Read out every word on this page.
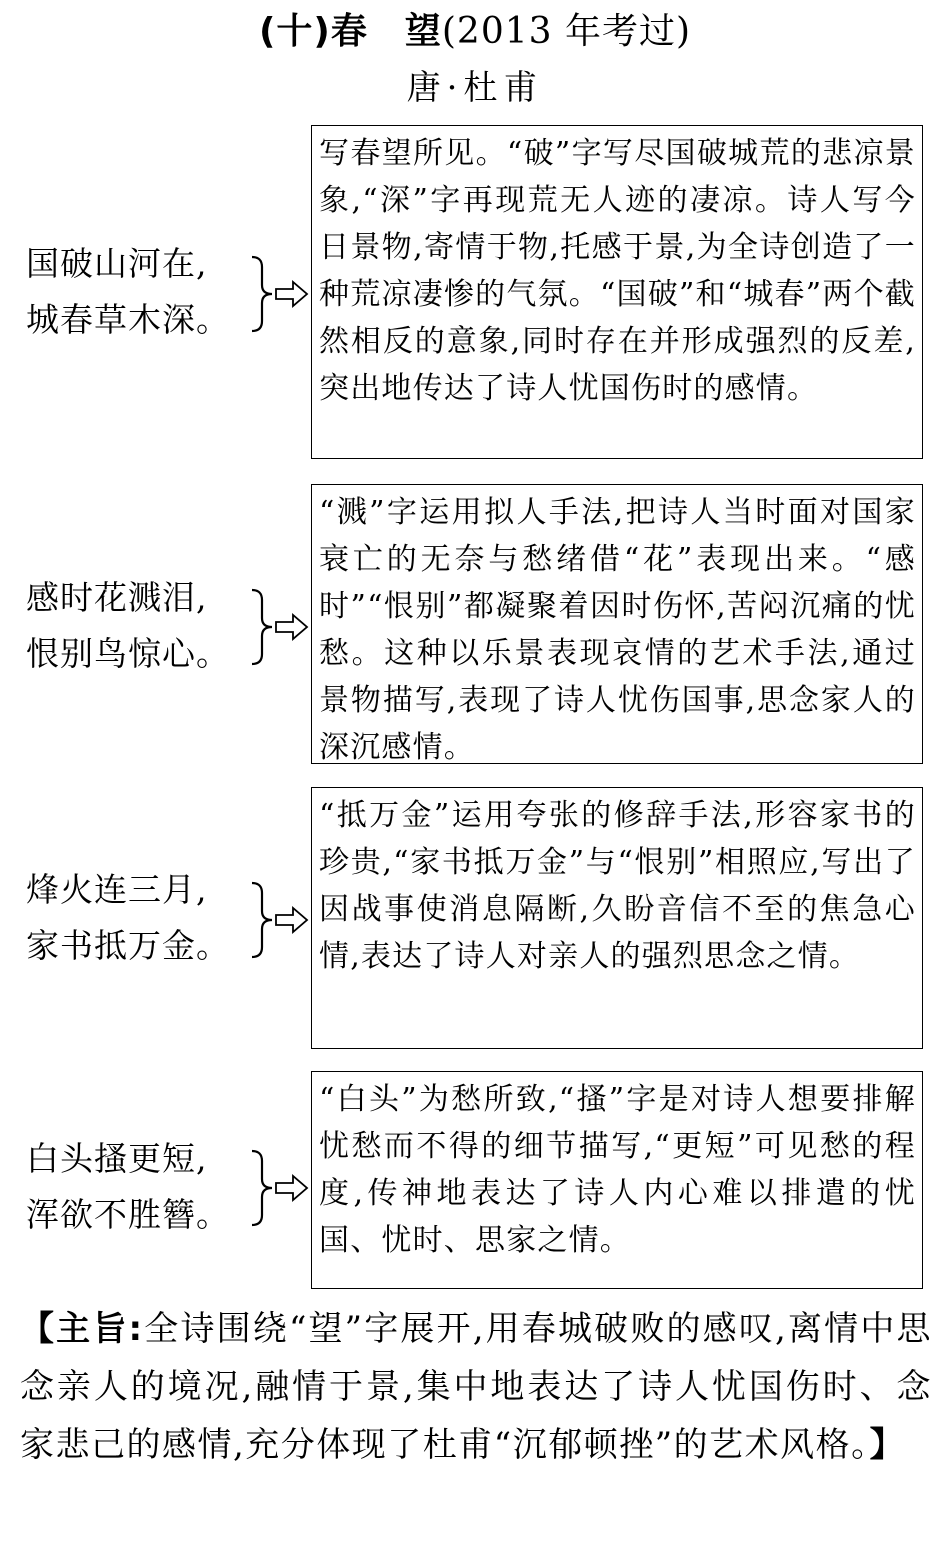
(十)春　望(2013 年考过)
唐·杜甫
国破山河在,
城春草木深。
写春望所见。“破”字写尽国破城荒的悲凉景象,“深”字再现荒无人迹的凄凉。诗人写今日景物,寄情于物,托感于景,为全诗创造了一种荒凉凄惨的气氛。“国破”和“城春”两个截然相反的意象,同时存在并形成强烈的反差,突出地传达了诗人忧国伤时的感情。
感时花溅泪,
恨别鸟惊心。
“溅”字运用拟人手法,把诗人当时面对国家衰亡的无奈与愁绪借“花”表现出来。“感时”“恨别”都凝聚着因时伤怀,苦闷沉痛的忧愁。这种以乐景表现哀情的艺术手法,通过景物描写,表现了诗人忧伤国事,思念家人的深沉感情。
烽火连三月,
家书抵万金。
“抵万金”运用夸张的修辞手法,形容家书的珍贵,“家书抵万金”与“恨别”相照应,写出了因战事使消息隔断,久盼音信不至的焦急心情,表达了诗人对亲人的强烈思念之情。
白头搔更短,
浑欲不胜簪。
“白头”为愁所致,“搔”字是对诗人想要排解忧愁而不得的细节描写,“更短”可见愁的程度,传神地表达了诗人内心难以排遣的忧国、忧时、思家之情。
【主旨:全诗围绕“望”字展开,用春城破败的感叹,离情中思念亲人的境况,融情于景,集中地表达了诗人忧国伤时、念家悲己的感情,充分体现了杜甫“沉郁顿挫”的艺术风格。】
